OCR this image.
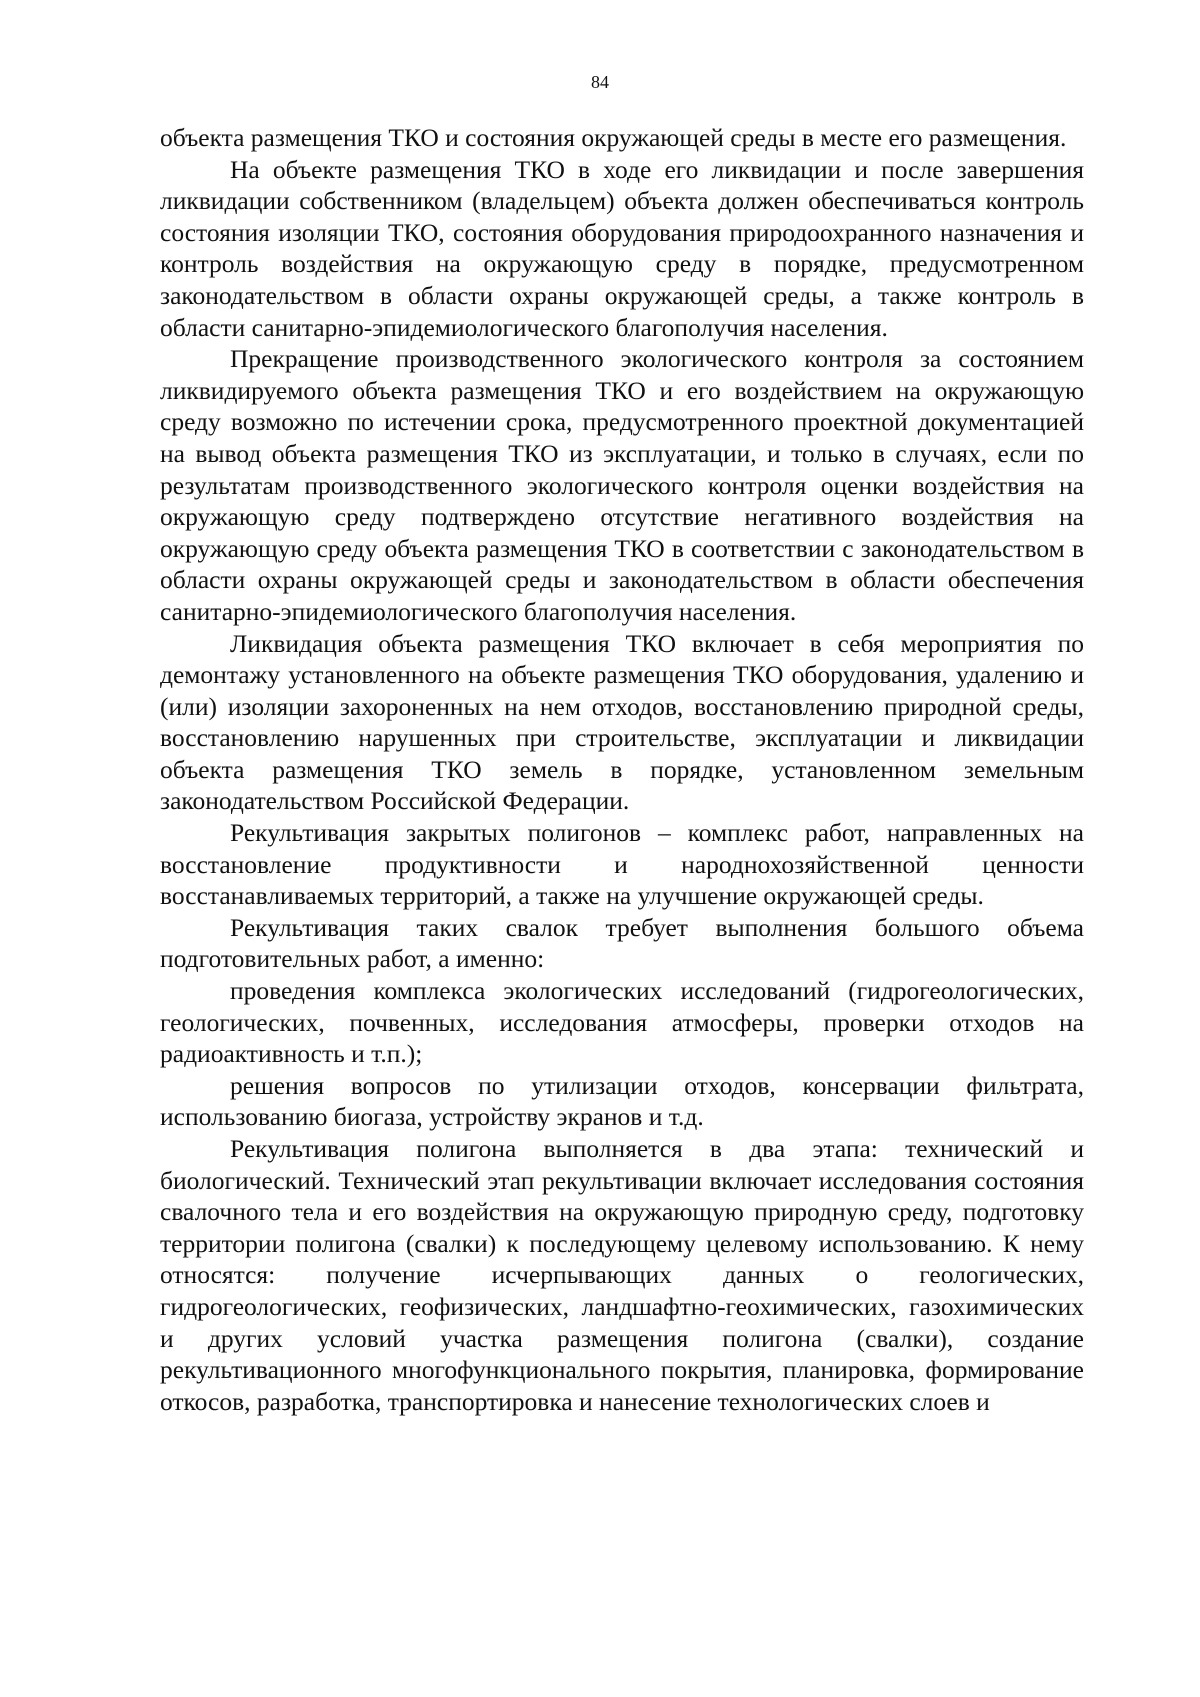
84

объекта размещения ТКО и состояния окружающей среды в месте его размещения.

На объекте размещения ТКО в ходе его ликвидации и после завершения ликвидации собственником (владельцем) объекта должен обеспечиваться контроль состояния изоляции ТКО, состояния оборудования природоохранного назначения и контроль воздействия на окружающую среду в порядке, предусмотренном законодательством в области охраны окружающей среды, а также контроль в области санитарно-эпидемиологического благополучия населения.

Прекращение производственного экологического контроля за состоянием ликвидируемого объекта размещения ТКО и его воздействием на окружающую среду возможно по истечении срока, предусмотренного проектной документацией на вывод объекта размещения ТКО из эксплуатации, и только в случаях, если по результатам производственного экологического контроля оценки воздействия на окружающую среду подтверждено отсутствие негативного воздействия на окружающую среду объекта размещения ТКО в соответствии с законодательством в области охраны окружающей среды и законодательством в области обеспечения санитарно-эпидемиологического благополучия населения.

Ликвидация объекта размещения ТКО включает в себя мероприятия по демонтажу установленного на объекте размещения ТКО оборудования, удалению и (или) изоляции захороненных на нем отходов, восстановлению природной среды, восстановлению нарушенных при строительстве, эксплуатации и ликвидации объекта размещения ТКО земель в порядке, установленном земельным законодательством Российской Федерации.

Рекультивация закрытых полигонов – комплекс работ, направленных на восстановление продуктивности и народнохозяйственной ценности восстанавливаемых территорий, а также на улучшение окружающей среды.

Рекультивация таких свалок требует выполнения большого объема подготовительных работ, а именно:

проведения комплекса экологических исследований (гидрогеологических, геологических, почвенных, исследования атмосферы, проверки отходов на радиоактивность и т.п.);

решения вопросов по утилизации отходов, консервации фильтрата, использованию биогаза, устройству экранов и т.д.

Рекультивация полигона выполняется в два этапа: технический и биологический. Технический этап рекультивации включает исследования состояния свалочного тела и его воздействия на окружающую природную среду, подготовку территории полигона (свалки) к последующему целевому использованию. К нему относятся: получение исчерпывающих данных о геологических, гидрогеологических, геофизических, ландшафтно-геохимических, газохимических и других условий участка размещения полигона (свалки), создание рекультивационного многофункционального покрытия, планировка, формирование откосов, разработка, транспортировка и нанесение технологических слоев и
